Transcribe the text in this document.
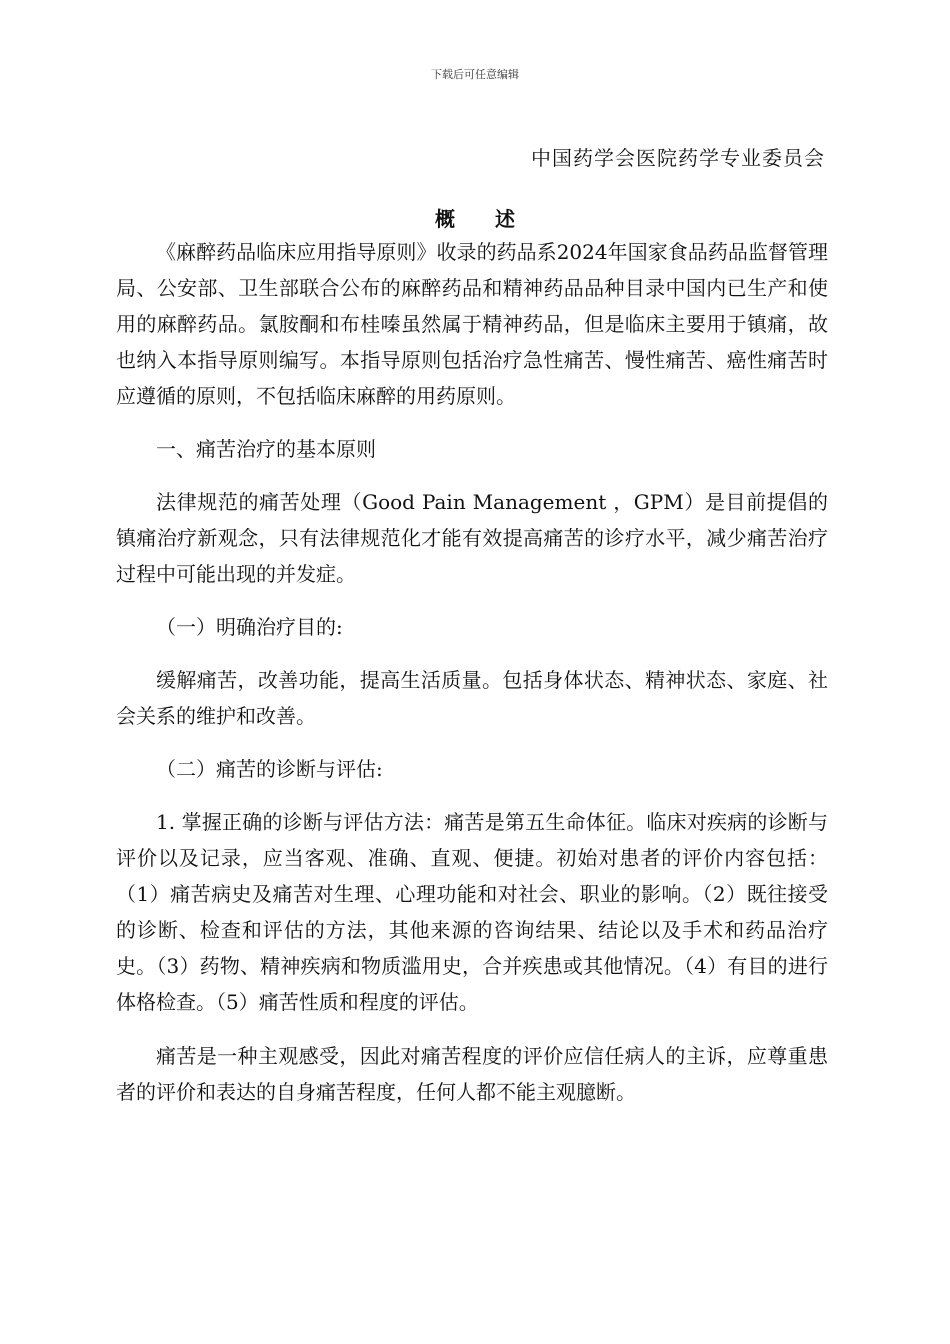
下载后可任意编辑
中国药学会医院药学专业委员会
概述

《麻醉药品临床应用指导原则》收录的药品系2024年国家食品药品监督管理局、公安部、卫生部联合公布的麻醉药品和精神药品品种目录中国内已生产和使用的麻醉药品。氯胺酮和布桂嗪虽然属于精神药品，但是临床主要用于镇痛，故也纳入本指导原则编写。本指导原则包括治疗急性痛苦、慢性痛苦、癌性痛苦时应遵循的原则，不包括临床麻醉的用药原则。

一、痛苦治疗的基本原则

法律规范的痛苦处理（Good Pain Management ，GPM）是目前提倡的镇痛治疗新观念，只有法律规范化才能有效提高痛苦的诊疗水平，减少痛苦治疗过程中可能出现的并发症。

（一）明确治疗目的:

缓解痛苦，改善功能，提高生活质量。包括身体状态、精神状态、家庭、社会关系的维护和改善。

（二）痛苦的诊断与评估:

1. 掌握正确的诊断与评估方法：痛苦是第五生命体征。临床对疾病的诊断与评价以及记录，应当客观、准确、直观、便捷。初始对患者的评价内容包括：（1）痛苦病史及痛苦对生理、心理功能和对社会、职业的影响。（2）既往接受的诊断、检查和评估的方法，其他来源的咨询结果、结论以及手术和药品治疗史。（3）药物、精神疾病和物质滥用史，合并疾患或其他情况。（4）有目的进行体格检查。（5）痛苦性质和程度的评估。

痛苦是一种主观感受，因此对痛苦程度的评价应信任病人的主诉，应尊重患者的评价和表达的自身痛苦程度，任何人都不能主观臆断。
